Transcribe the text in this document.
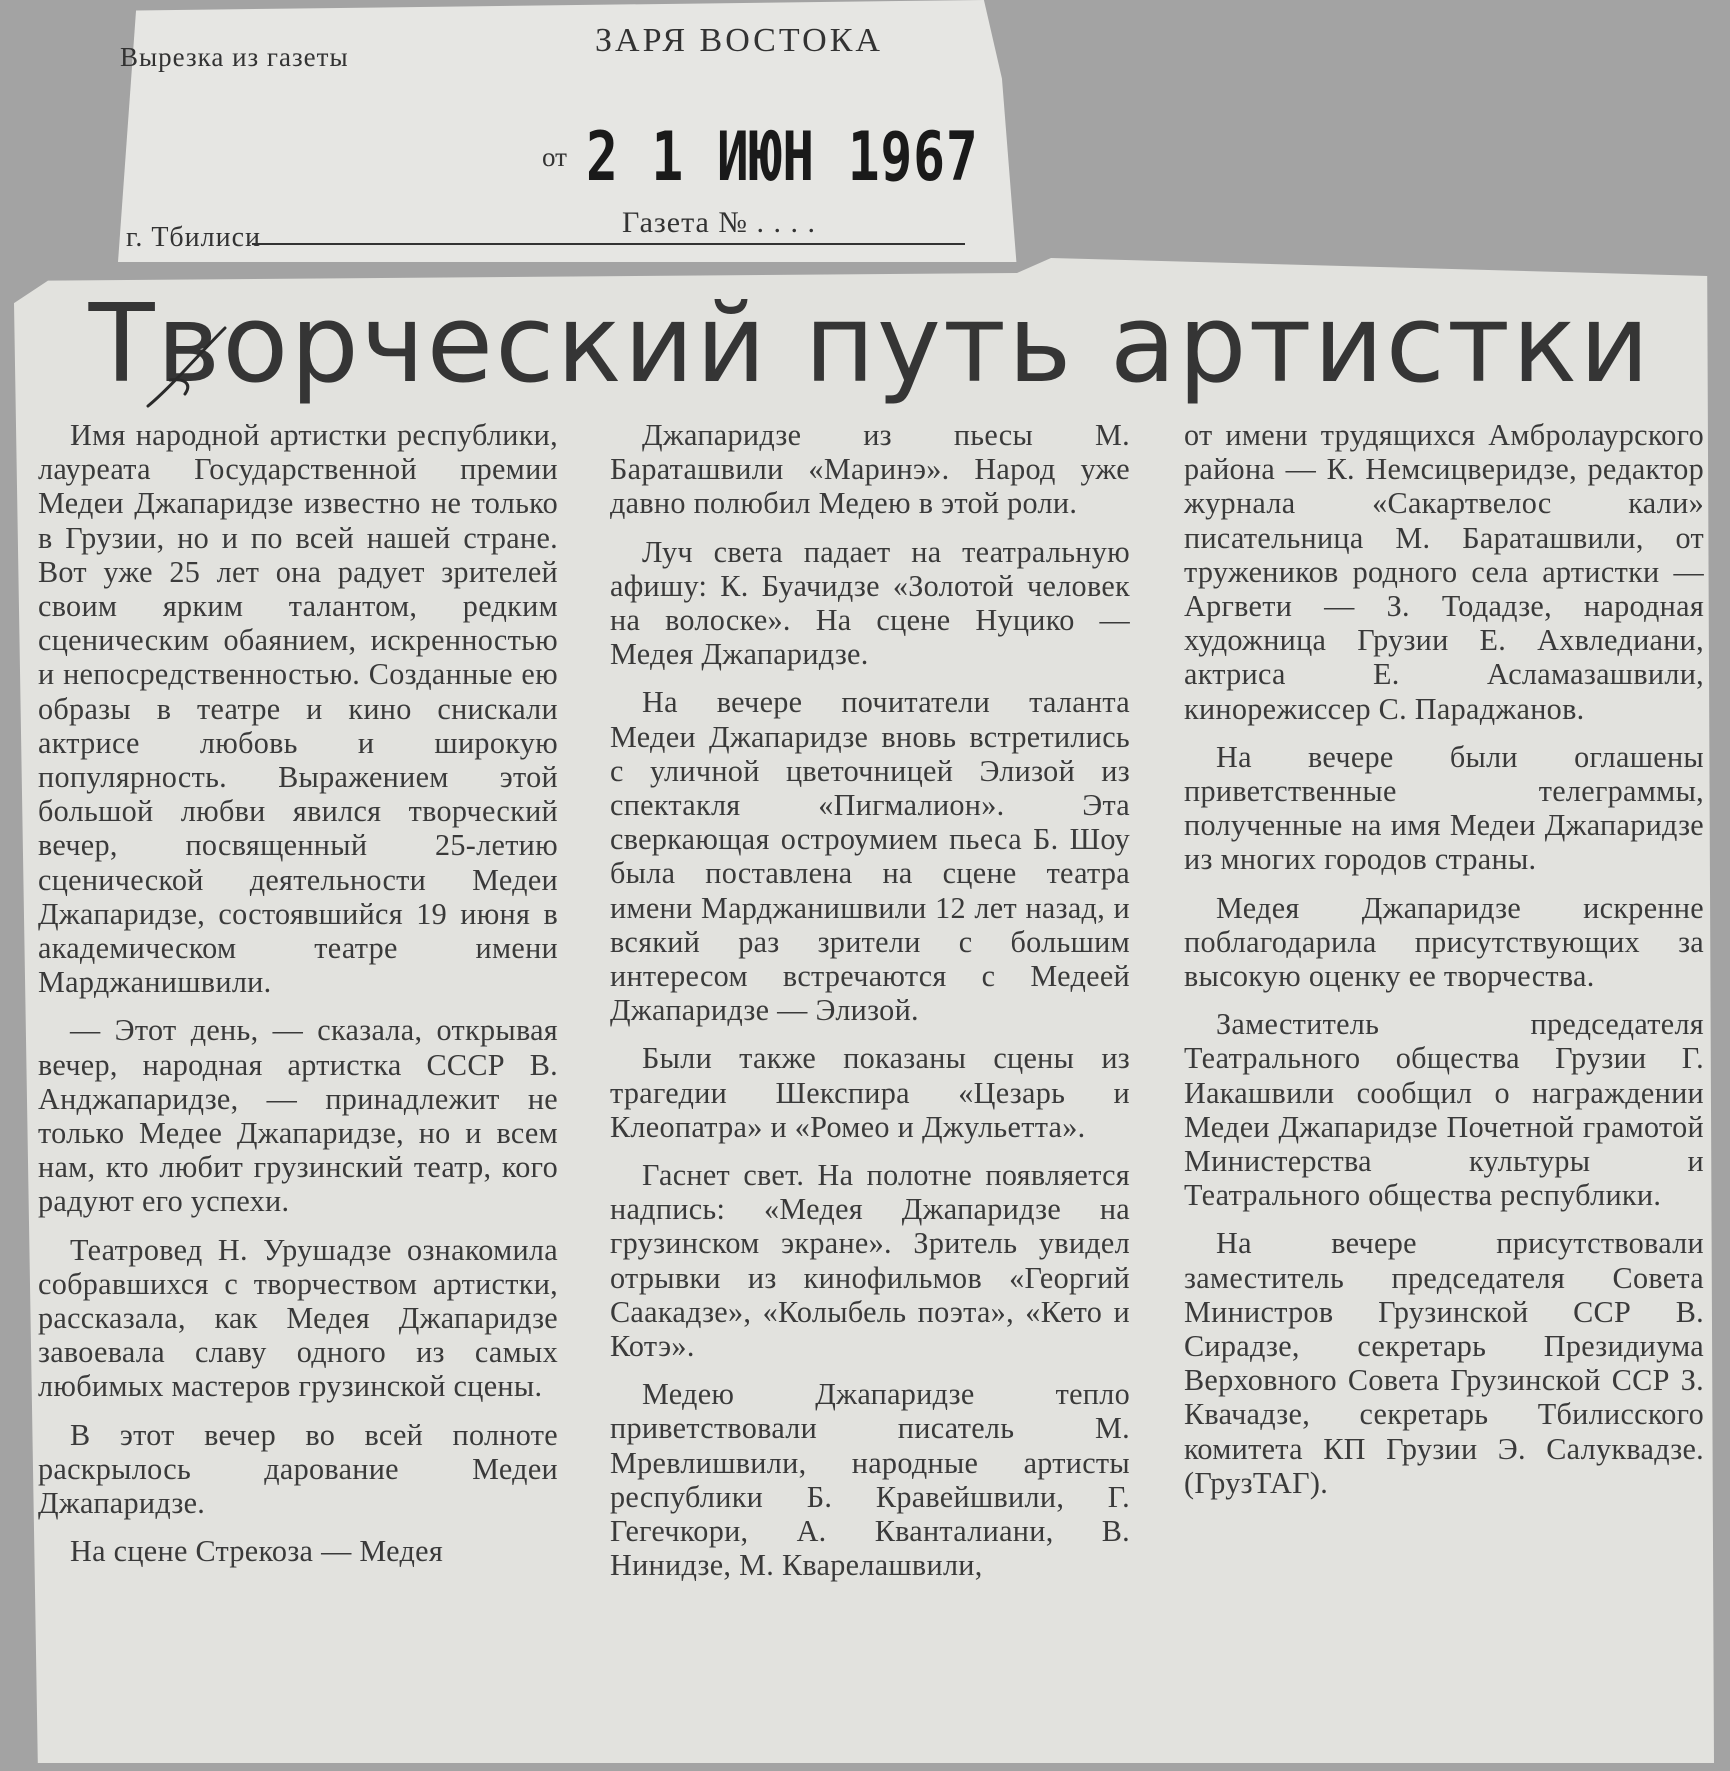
Вырезка из газеты	ЗАРЯ ВОСТОКА
от 2 1 ИЮН 1967
Газета № . . . .
г. Тбилиси
Творческий путь артистки

Имя народной артистки республики, лауреата Государственной премии Медеи Джапаридзе известно не только в Грузии, но и по всей нашей стране. Вот уже 25 лет она радует зрителей своим ярким талантом, редким сценическим обаянием, искренностью и непосредственностью. Созданные ею образы в театре и кино снискали актрисе любовь и широкую популярность. Выражением этой большой любви явился творческий вечер, посвященный 25-летию сценической деятельности Медеи Джапаридзе, состоявшийся 19 июня в академическом театре имени Марджанишвили.

— Этот день, — сказала, открывая вечер, народная артистка СССР В. Анджапаридзе, — принадлежит не только Медее Джапаридзе, но и всем нам, кто любит грузинский театр, кого радуют его успехи.

Театровед Н. Урушадзе ознакомила собравшихся с творчеством артистки, рассказала, как Медея Джапаридзе завоевала славу одного из самых любимых мастеров грузинской сцены.

В этот вечер во всей полноте раскрылось дарование Медеи Джапаридзе.

На сцене Стрекоза — Медея

Джапаридзе из пьесы М. Бараташвили «Маринэ». Народ уже давно полюбил Медею в этой роли.

Луч света падает на театральную афишу: К. Буачидзе «Золотой человек на волоске». На сцене Нуцико — Медея Джапаридзе.

На вечере почитатели таланта Медеи Джапаридзе вновь встретились с уличной цветочницей Элизой из спектакля «Пигмалион». Эта сверкающая остроумием пьеса Б. Шоу была поставлена на сцене театра имени Марджанишвили 12 лет назад, и всякий раз зрители с большим интересом встречаются с Медеей Джапаридзе — Элизой.

Были также показаны сцены из трагедии Шекспира «Цезарь и Клеопатра» и «Ромео и Джульетта».

Гаснет свет. На полотне появляется надпись: «Медея Джапаридзе на грузинском экране». Зритель увидел отрывки из кинофильмов «Георгий Саакадзе», «Колыбель поэта», «Кето и Котэ».

Медею Джапаридзе тепло приветствовали писатель М. Мревлишвили, народные артисты республики Б. Кравейшвили, Г. Гегечкори, А. Кванталиани, В. Нинидзе, М. Кварелашвили,

от имени трудящихся Амбролаурского района — К. Немсицверидзе, редактор журнала «Сакартвелос кали» писательница М. Бараташвили, от тружеников родного села артистки — Аргвети — З. Тодадзе, народная художница Грузии Е. Ахвледиани, актриса Е. Асламазашвили, кинорежиссер С. Параджанов.

На вечере были оглашены приветственные телеграммы, полученные на имя Медеи Джапаридзе из многих городов страны.

Медея Джапаридзе искренне поблагодарила присутствующих за высокую оценку ее творчества.

Заместитель председателя Театрального общества Грузии Г. Иакашвили сообщил о награждении Медеи Джапаридзе Почетной грамотой Министерства культуры и Театрального общества республики.

На вечере присутствовали заместитель председателя Совета Министров Грузинской ССР В. Сирадзе, секретарь Президиума Верховного Совета Грузинской ССР З. Квачадзе, секретарь Тбилисского комитета КП Грузии Э. Салуквадзе. (ГрузТАГ).
